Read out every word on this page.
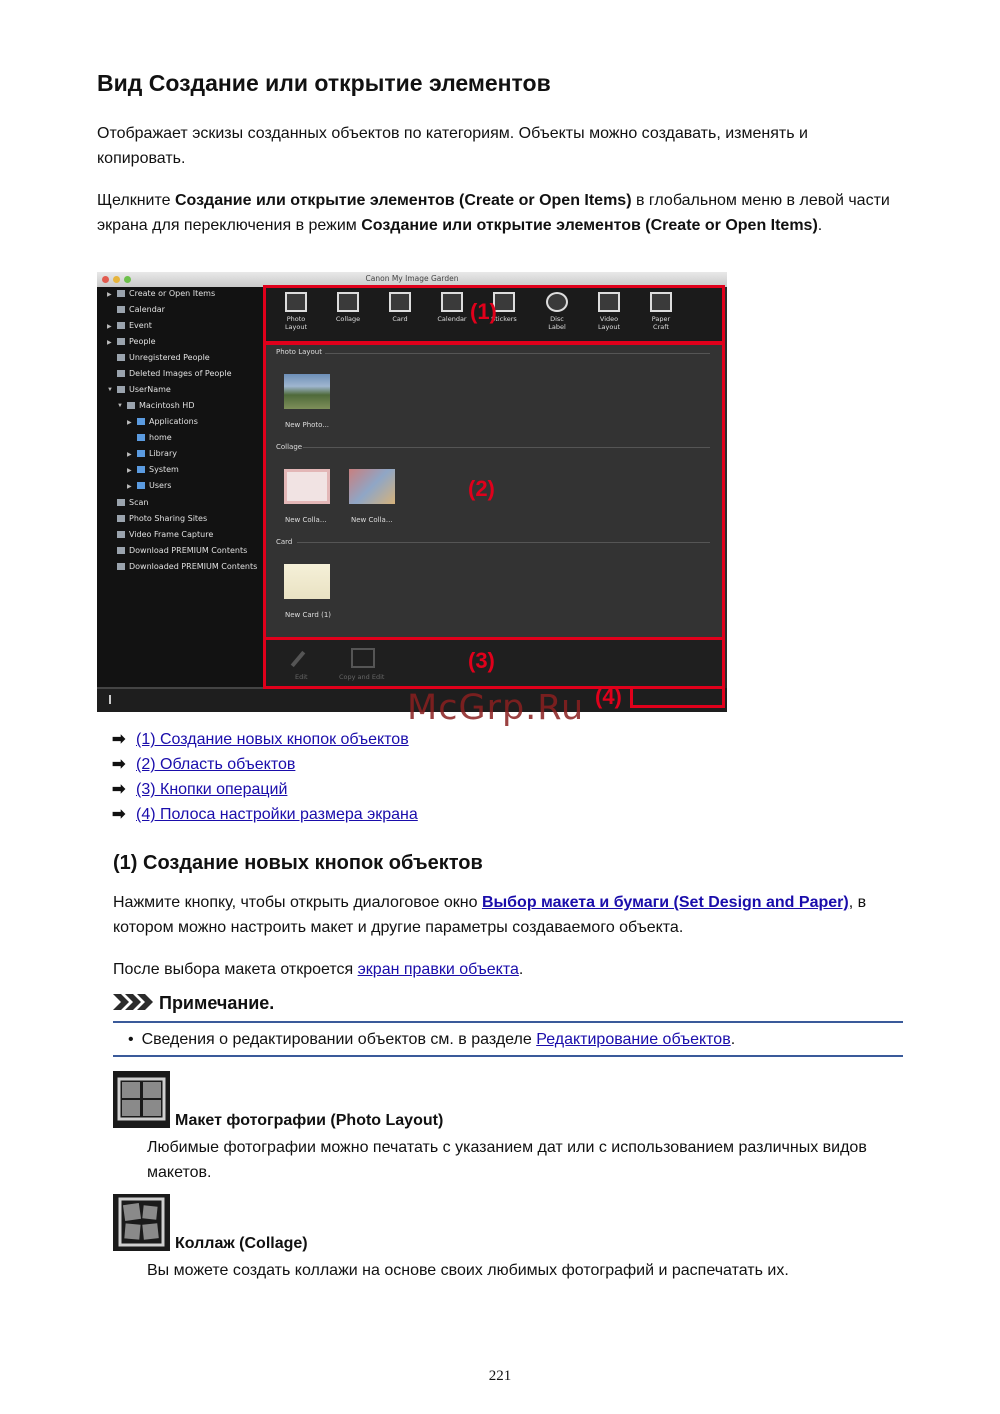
Вид Создание или открытие элементов
Отображает эскизы созданных объектов по категориям. Объекты можно создавать, изменять и копировать.
Щелкните Создание или открытие элементов (Create or Open Items) в глобальном меню в левой части экрана для переключения в режим Создание или открытие элементов (Create or Open Items).
Canon My Image Garden
▶	Create or Open Items
Calendar
▶	Event
▶	People
Unregistered People
Deleted Images of People
▼	UserName
▼	Macintosh HD
▶	Applications
home
▶	Library
▶	System
▶	Users
Scan
Photo Sharing Sites
Video Frame Capture
Download PREMIUM Contents
Downloaded PREMIUM Contents
Photo
Layout
Collage	Card	Calendar	Stickers	Disc
Label
Video
Layout
Paper
Craft
Photo Layout
New Photo...
Collage
New Colla...	New Colla...
Card
New Card (1)
Edit	Copy and Edit
(1)
(2)
(3)
(4)
McGrp.Ru
➡ (1) Создание новых кнопок объектов
➡ (2) Область объектов
➡ (3) Кнопки операций
➡ (4) Полоса настройки размера экрана
(1) Создание новых кнопок объектов
Нажмите кнопку, чтобы открыть диалоговое окно Выбор макета и бумаги (Set Design and Paper), в котором можно настроить макет и другие параметры создаваемого объекта.
После выбора макета откроется экран правки объекта.
Примечание.
• Сведения о редактировании объектов см. в разделе Редактирование объектов.
Макет фотографии (Photo Layout)
Любимые фотографии можно печатать с указанием дат или с использованием различных видов макетов.
Коллаж (Collage)
Вы можете создать коллажи на основе своих любимых фотографий и распечатать их.
221
